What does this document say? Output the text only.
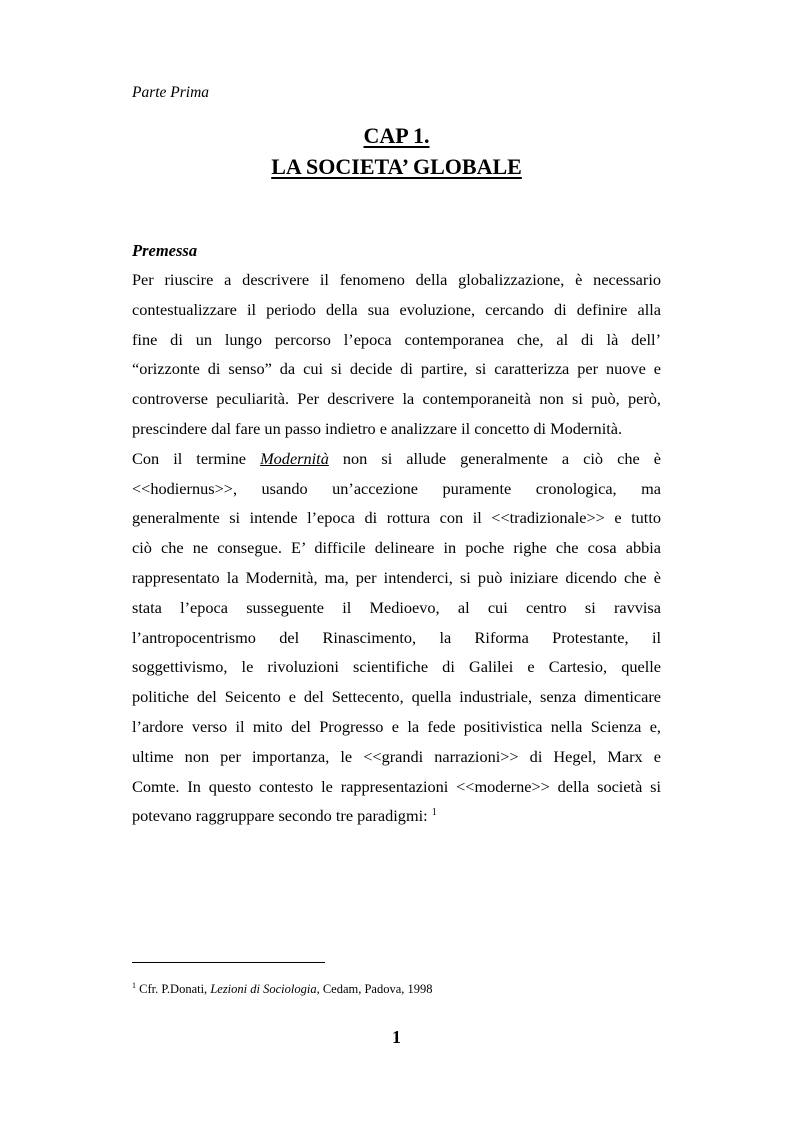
Parte Prima

CAP 1.

LA SOCIETA’ GLOBALE

Premessa

Per riuscire a descrivere il fenomeno della globalizzazione, è necessario
contestualizzare il periodo della sua evoluzione, cercando di definire alla
fine di un lungo percorso l’epoca contemporanea che, al di là dell’
“orizzonte di senso” da cui si decide di partire, si caratterizza per nuove e
controverse peculiarità. Per descrivere la contemporaneità non si può, però,
prescindere dal fare un passo indietro e analizzare il concetto di Modernità.
Con il termine Modernità non si allude generalmente a ciò che è
<<hodiernus>>, usando un’accezione puramente cronologica, ma
generalmente si intende l’epoca di rottura con il <<tradizionale>> e tutto
ciò che ne consegue. E’ difficile delineare in poche righe che cosa abbia
rappresentato la Modernità, ma, per intenderci, si può iniziare dicendo che è
stata l’epoca susseguente il Medioevo, al cui centro si ravvisa
l’antropocentrismo del Rinascimento, la Riforma Protestante, il
soggettivismo, le rivoluzioni scientifiche di Galilei e Cartesio, quelle
politiche del Seicento e del Settecento, quella industriale, senza dimenticare
l’ardore verso il mito del Progresso e la fede positivistica nella Scienza e,
ultime non per importanza, le <<grandi narrazioni>> di Hegel, Marx e
Comte. In questo contesto le rappresentazioni <<moderne>> della società si
potevano raggruppare secondo tre paradigmi: $^1$

$^1$ Cfr. P.Donati, Lezioni di Sociologia, Cedam, Padova, 1998

1
